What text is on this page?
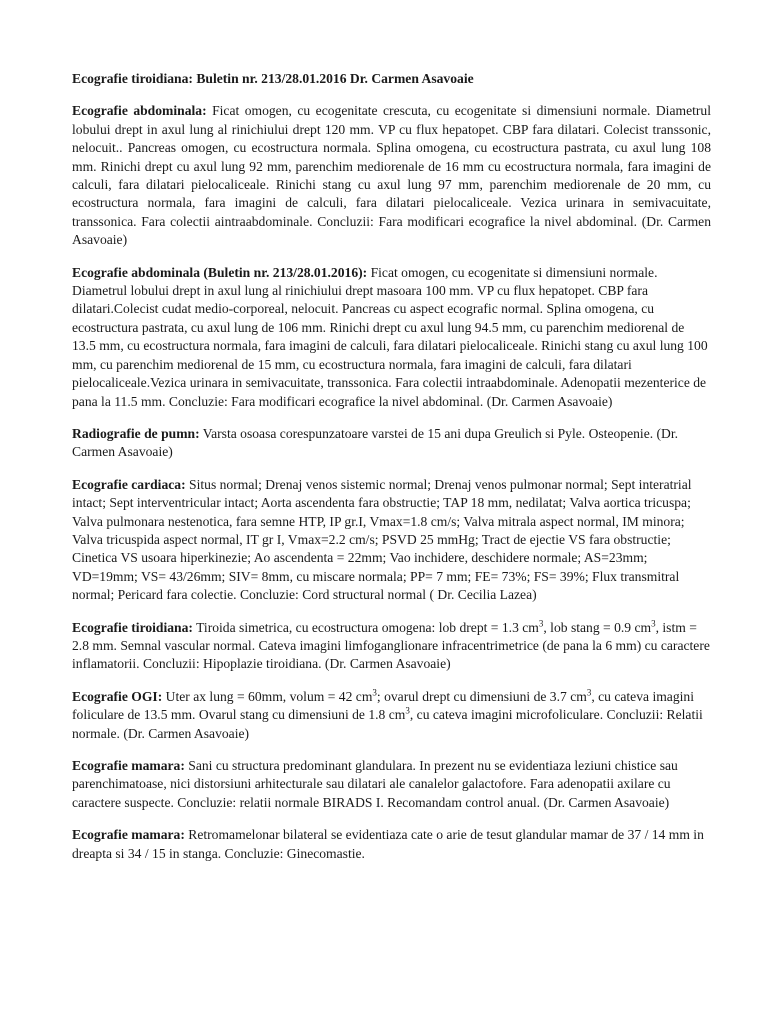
Ecografie tiroidiana: Buletin nr. 213/28.01.2016 Dr. Carmen Asavoaie

Ecografie abdominala: Ficat omogen, cu ecogenitate crescuta, cu ecogenitate si dimensiuni normale. Diametrul lobului drept in axul lung al rinichiului drept 120 mm. VP cu flux hepatopet. CBP fara dilatari. Colecist transsonic, nelocuit.. Pancreas omogen, cu ecostructura normala. Splina omogena, cu ecostructura pastrata, cu axul lung 108 mm. Rinichi drept cu axul lung 92 mm, parenchim mediorenale de 16 mm cu ecostructura normala, fara imagini de calculi, fara dilatari pielocaliceale. Rinichi stang cu axul lung 97 mm, parenchim mediorenale de 20 mm, cu ecostructura normala, fara imagini de calculi, fara dilatari pielocaliceale. Vezica urinara in semivacuitate, transsonica. Fara colectii aintraabdominale. Concluzii: Fara modificari ecografice la nivel abdominal. (Dr. Carmen Asavoaie)

Ecografie abdominala (Buletin nr. 213/28.01.2016): Ficat omogen, cu ecogenitate si dimensiuni normale. Diametrul lobului drept in axul lung al rinichiului drept masoara 100 mm. VP cu flux hepatopet. CBP fara dilatari.Colecist cudat medio-corporeal, nelocuit. Pancreas cu aspect ecografic normal. Splina omogena, cu ecostructura pastrata, cu axul lung de 106 mm. Rinichi drept cu axul lung 94.5 mm, cu parenchim mediorenal de 13.5 mm, cu ecostructura normala, fara imagini de calculi, fara dilatari pielocaliceale. Rinichi stang cu axul lung 100 mm, cu parenchim mediorenal de 15 mm, cu ecostructura normala, fara imagini de calculi, fara dilatari pielocaliceale.Vezica urinara in semivacuitate, transsonica. Fara colectii intraabdominale. Adenopatii mezenterice de pana la 11.5 mm. Concluzie: Fara modificari ecografice la nivel abdominal. (Dr. Carmen Asavoaie)

Radiografie de pumn: Varsta osoasa corespunzatoare varstei de 15 ani dupa Greulich si Pyle. Osteopenie. (Dr. Carmen Asavoaie)

Ecografie cardiaca: Situs normal; Drenaj venos sistemic normal; Drenaj venos pulmonar normal; Sept interatrial intact; Sept interventricular intact; Aorta ascendenta fara obstructie; TAP 18 mm, nedilatat; Valva aortica tricuspa; Valva pulmonara nestenotica, fara semne HTP, IP gr.I, Vmax=1.8 cm/s; Valva mitrala aspect normal, IM minora; Valva tricuspida aspect normal, IT gr I, Vmax=2.2 cm/s; PSVD 25 mmHg; Tract de ejectie VS fara obstructie; Cinetica VS usoara hiperkinezie; Ao ascendenta = 22mm; Vao inchidere, deschidere normale; AS=23mm; VD=19mm; VS= 43/26mm; SIV= 8mm, cu miscare normala; PP= 7 mm; FE= 73%; FS= 39%; Flux transmitral normal; Pericard fara colectie. Concluzie: Cord structural normal ( Dr. Cecilia Lazea)

Ecografie tiroidiana: Tiroida simetrica, cu ecostructura omogena: lob drept = 1.3 $cm^3$, lob stang = 0.9 $cm^3$, istm = 2.8 mm. Semnal vascular normal. Cateva imagini limfoganglionare infracentrimetrice (de pana la 6 mm) cu caractere inflamatorii. Concluzii: Hipoplazie tiroidiana. (Dr. Carmen Asavoaie)

Ecografie OGI: Uter ax lung = 60mm, volum = 42 $cm^3$; ovarul drept cu dimensiuni de 3.7 $cm^3$, cu cateva imagini foliculare de 13.5 mm. Ovarul stang cu dimensiuni de 1.8 $cm^3$, cu cateva imagini microfoliculare. Concluzii: Relatii normale. (Dr. Carmen Asavoaie)

Ecografie mamara: Sani cu structura predominant glandulara. In prezent nu se evidentiaza leziuni chistice sau parenchimatoase, nici distorsiuni arhitecturale sau dilatari ale canalelor galactofore. Fara adenopatii axilare cu caractere suspecte. Concluzie: relatii normale BIRADS I. Recomandam control anual. (Dr. Carmen Asavoaie)

Ecografie mamara: Retromamelonar bilateral se evidentiaza cate o arie de tesut glandular mamar de 37 / 14 mm in dreapta si 34 / 15 in stanga. Concluzie: Ginecomastie.
